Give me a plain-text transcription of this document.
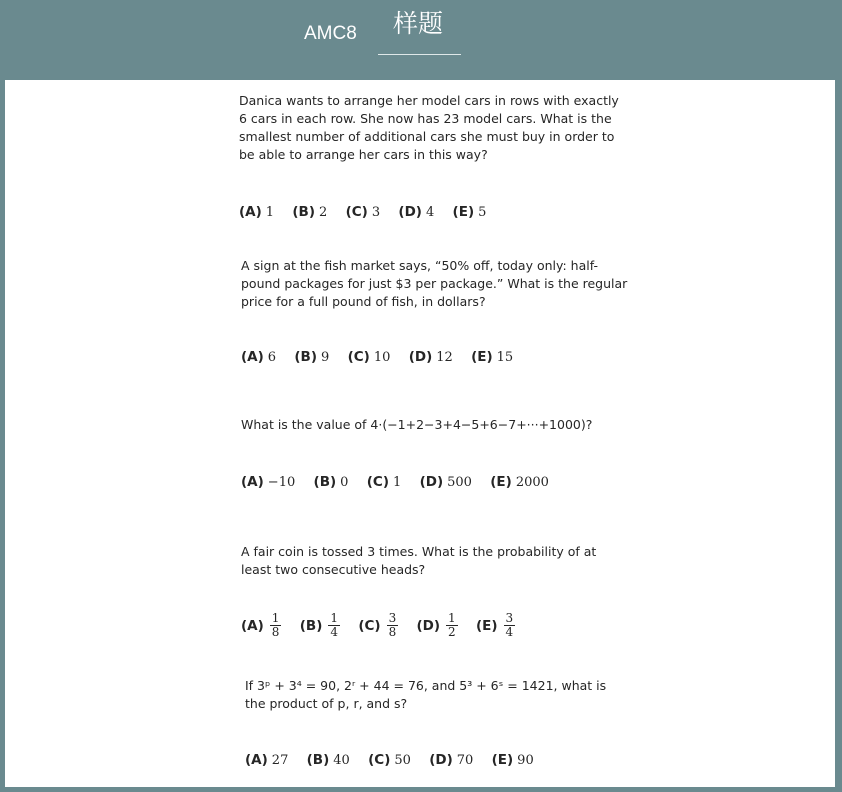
AMC8 样题
Danica wants to arrange her model cars in rows with exactly
6 cars in each row. She now has 23 model cars. What is the
smallest number of additional cars she must buy in order to
be able to arrange her cars in this way?
(A) 1 (B) 2 (C) 3 (D) 4 (E) 5
A sign at the fish market says, “50% off, today only: half-
pound packages for just $3 per package.” What is the regular
price for a full pound of fish, in dollars?
(A) 6 (B) 9 (C) 10 (D) 12 (E) 15
What is the value of 4·(−1+2−3+4−5+6−7+···+1000)?
(A) −10 (B) 0 (C) 1 (D) 500 (E) 2000
A fair coin is tossed 3 times. What is the probability of at
least two consecutive heads?
$(A) \frac{1}{8} (B) \frac{1}{4} (C) \frac{3}{8} (D) \frac{1}{2} (E) \frac{3}{4}$
If 3ᵖ + 3⁴ = 90, 2ʳ + 44 = 76, and 5³ + 6ˢ = 1421, what is
the product of p, r, and s?
(A) 27 (B) 40 (C) 50 (D) 70 (E) 90
